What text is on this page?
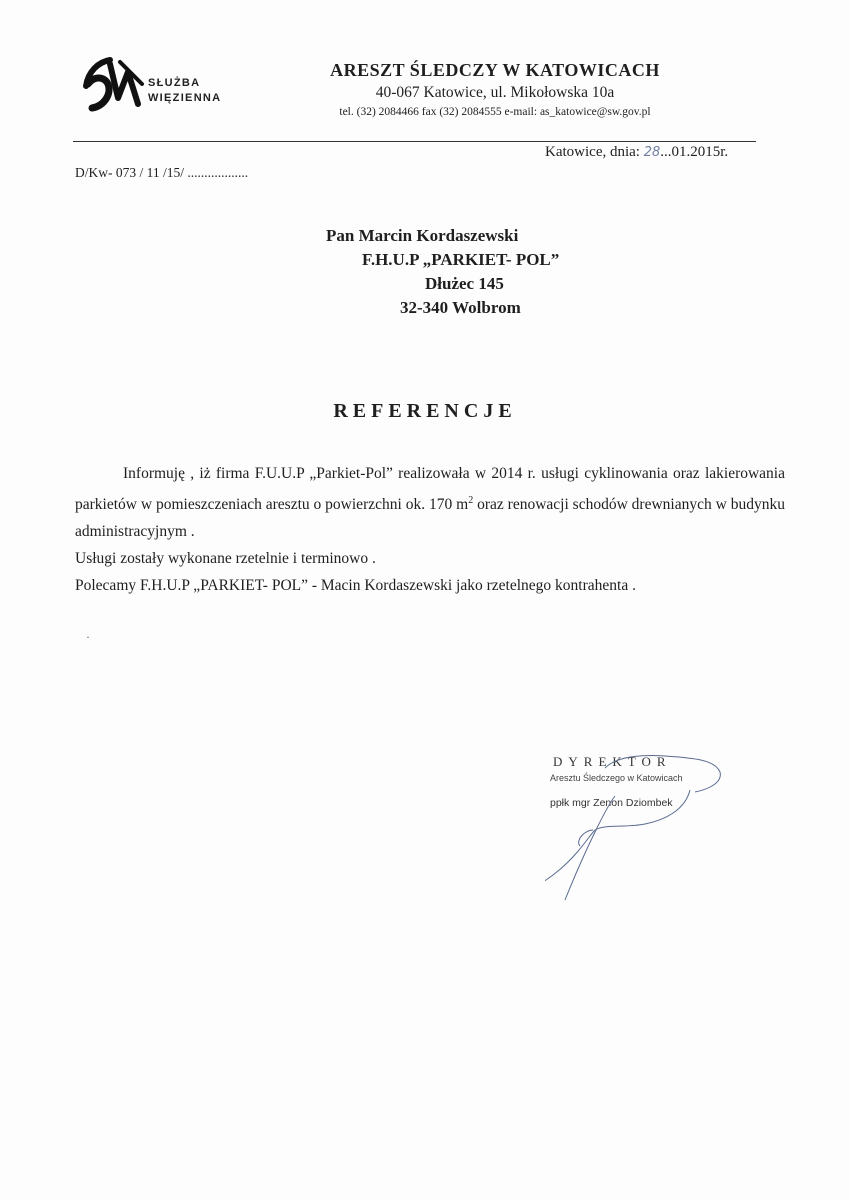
SŁUŻBA
WIĘZIENNA
ARESZT ŚLEDCZY W KATOWICACH
40-067 Katowice, ul. Mikołowska 10a
tel. (32) 2084466 fax (32) 2084555 e-mail: as_katowice@sw.gov.pl
Katowice, dnia: 28...01.2015r.
D/Kw- 073 / 11 /15/ ..................
Pan Marcin Kordaszewski
F.H.U.P „PARKIET- POL”
Dłużec 145
32-340 Wolbrom
REFERENCJE

Informuję , iż firma F.U.U.P „Parkiet-Pol” realizowała w 2014 r. usługi cyklinowania oraz lakierowania parkietów w pomieszczeniach aresztu o powierzchni ok. 170 $m^2$ oraz renowacji schodów drewnianych w budynku administracyjnym .

Usługi zostały wykonane rzetelnie i terminowo .

Polecamy F.H.U.P „PARKIET- POL” - Macin Kordaszewski jako rzetelnego kontrahenta .

·
DYREKTOR
Aresztu Śledczego w Katowicach
ppłk mgr Zenon Dziombek
